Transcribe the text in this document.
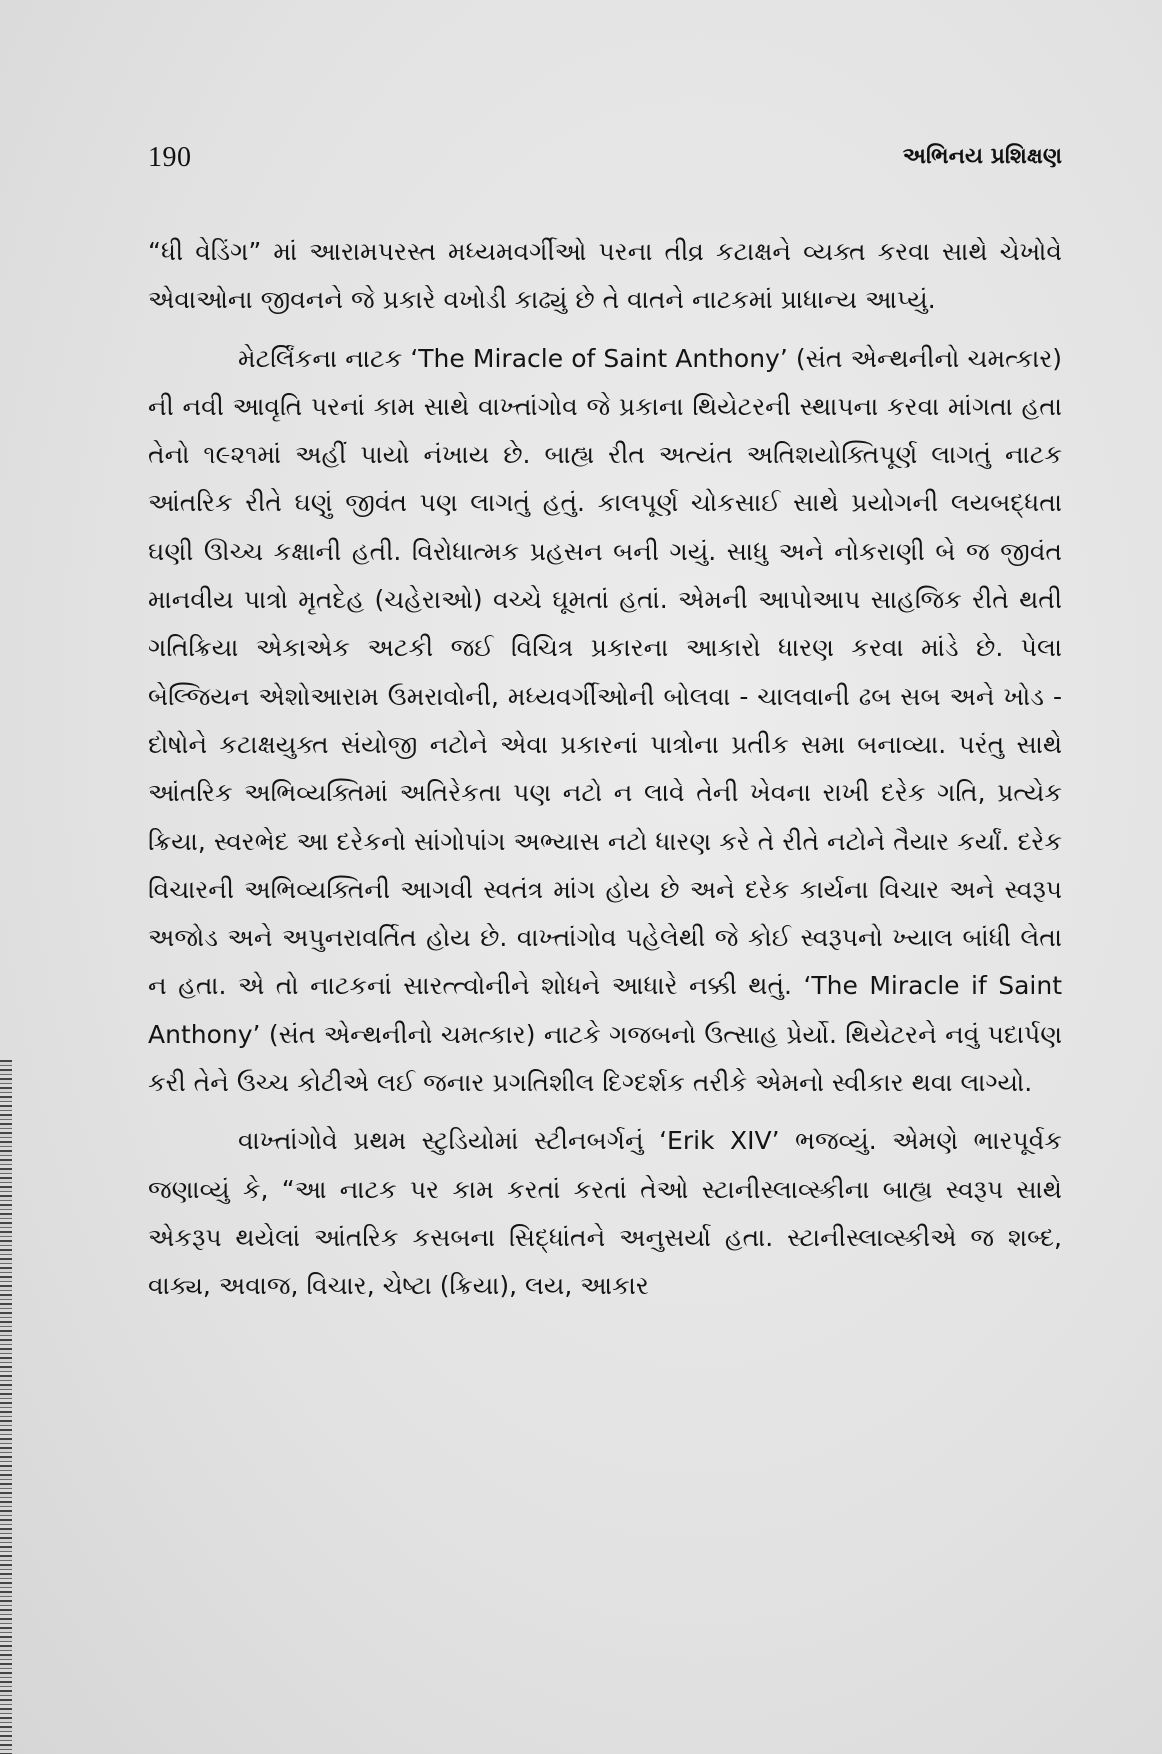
190	અભિનય પ્રશિક્ષણ

“ધી વેડિંગ” માં આરામપરસ્ત મધ્યમવર્ગીઓ પરના તીવ્ર કટાક્ષને વ્યક્ત કરવા સાથે ચેખોવે એવાઓના જીવનને જે પ્રકારે વખોડી કાઢ્યું છે તે વાતને નાટકમાં પ્રાધાન્ય આપ્યું.

મેટર્લિંકના નાટક ‘The Miracle of Saint Anthony’ (સંત એન્થનીનો ચમત્કાર) ની નવી આવૃતિ પરનાં કામ સાથે વાખ્તાંગોવ જે પ્રકાના થિયેટરની સ્થાપના કરવા માંગતા હતા તેનો ૧૯૨૧માં અહીં પાયો નંખાય છે. બાહ્ય રીત અત્યંત અતિશયોક્તિપૂર્ણ લાગતું નાટક આંતરિક રીતે ઘણું જીવંત પણ લાગતું હતું. કાલપૂર્ણ ચોકસાઈ સાથે પ્રયોગની લયબદ્ધતા ઘણી ઊચ્ચ કક્ષાની હતી. વિરોધાત્મક પ્રહસન બની ગયું. સાધુ અને નોકરાણી બે જ જીવંત માનવીય પાત્રો મૃતદેહ (ચહેરાઓ) વચ્ચે ઘૂમતાં હતાં. એમની આપોઆપ સાહજિક રીતે થતી ગતિક્રિયા એકાએક અટકી જઈ વિચિત્ર પ્રકારના આકારો ધારણ કરવા માંડે છે. પેલા બેલ્જિયન એશોઆરામ ઉમરાવોની, મધ્યવર્ગીઓની બોલવા - ચાલવાની ઢબ સબ અને ખોડ - દોષોને કટાક્ષયુક્ત સંયોજી નટોને એવા પ્રકારનાં પાત્રોના પ્રતીક સમા બનાવ્યા. પરંતુ સાથે આંતરિક અભિવ્યક્તિમાં અતિરેકતા પણ નટો ન લાવે તેની ખેવના રાખી દરેક ગતિ, પ્રત્યેક ક્રિયા, સ્વરભેદ આ દરેકનો સાંગોપાંગ અભ્યાસ નટો ધારણ કરે તે રીતે નટોને તૈયાર કર્યાં. દરેક વિચારની અભિવ્યક્તિની આગવી સ્વતંત્ર માંગ હોય છે અને દરેક કાર્યના વિચાર અને સ્વરૂપ અજોડ અને અપુનરાવર્તિત હોય છે. વાખ્તાંગોવ પહેલેથી જે કોઈ સ્વરૂપનો ખ્યાલ બાંધી લેતા ન હતા. એ તો નાટકનાં સારત્ત્વોનીને શોધને આધારે નક્કી થતું. ‘The Miracle if Saint Anthony’ (સંત એન્થનીનો ચમત્કાર) નાટકે ગજબનો ઉત્સાહ પ્રેર્યો. થિયેટરને નવું પદાર્પણ કરી તેને ઉચ્ચ કોટીએ લઈ જનાર પ્રગતિશીલ દિગ્દર્શક તરીકે એમનો સ્વીકાર થવા લાગ્યો.

વાખ્તાંગોવે પ્રથમ સ્ટુડિયોમાં સ્ટીનબર્ગનું ‘Erik XIV’ ભજવ્યું. એમણે ભારપૂર્વક જણાવ્યું કે, “આ નાટક પર કામ કરતાં કરતાં તેઓ સ્ટાનીસ્લાવ્સ્કીના બાહ્ય સ્વરૂપ સાથે એકરૂપ થયેલાં આંતરિક કસબના સિદ્ધાંતને અનુસર્યા હતા. સ્ટાનીસ્લાવ્સ્કીએ જ શબ્દ, વાક્ય, અવાજ, વિચાર, ચેષ્ટા (ક્રિયા), લય, આકાર
